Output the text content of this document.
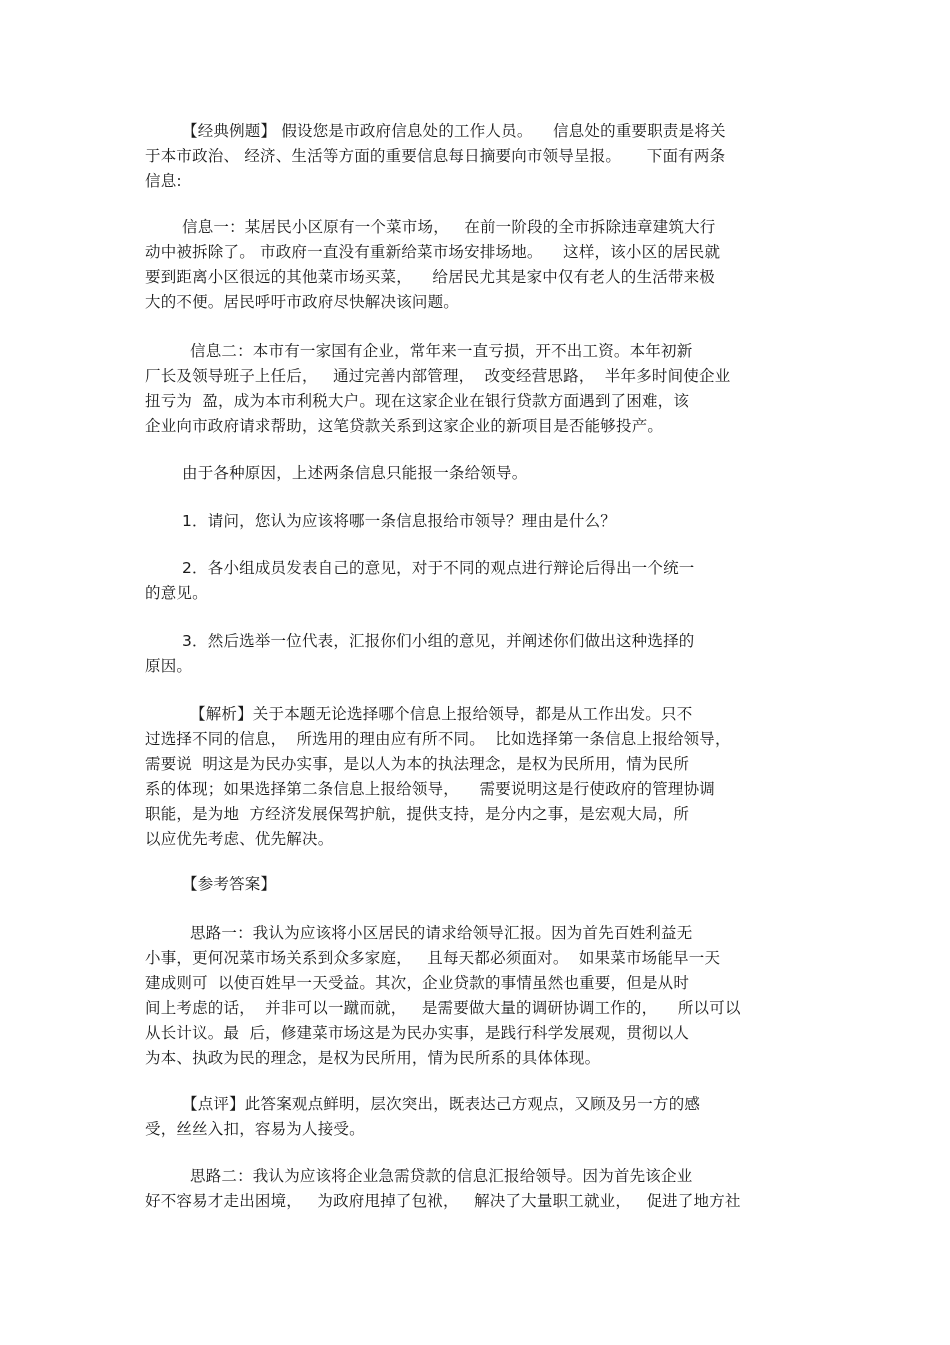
【经典例题】 假设您是市政府信息处的工作人员。    信息处的重要职责是将关
于本市政治、 经济、生活等方面的重要信息每日摘要向市领导呈报。     下面有两条
信息:
信息一：某居民小区原有一个菜市场，   在前一阶段的全市拆除违章建筑大行
动中被拆除了。 市政府一直没有重新给菜市场安排场地。    这样，该小区的居民就
要到距离小区很远的其他菜市场买菜，    给居民尤其是家中仅有老人的生活带来极
大的不便。居民呼吁市政府尽快解决该问题。
信息二：本市有一家国有企业，常年来一直亏损，开不出工资。本年初新
厂长及领导班子上任后，   通过完善内部管理，  改变经营思路，  半年多时间使企业
扭亏为  盈，成为本市利税大户。现在这家企业在银行贷款方面遇到了困难，该
企业向市政府请求帮助，这笔贷款关系到这家企业的新项目是否能够投产。
由于各种原因，上述两条信息只能报一条给领导。
1．请问，您认为应该将哪一条信息报给市领导？理由是什么？
2．各小组成员发表自己的意见，对于不同的观点进行辩论后得出一个统一
的意见。
3．然后选举一位代表，汇报你们小组的意见，并阐述你们做出这种选择的
原因。
【解析】关于本题无论选择哪个信息上报给领导，都是从工作出发。只不
过选择不同的信息，  所选用的理由应有所不同。  比如选择第一条信息上报给领导，
需要说  明这是为民办实事，是以人为本的执法理念，是权为民所用，情为民所
系的体现；如果选择第二条信息上报给领导，    需要说明这是行使政府的管理协调
职能，是为地  方经济发展保驾护航，提供支持，是分内之事，是宏观大局，所
以应优先考虑、优先解决。
【参考答案】
思路一：我认为应该将小区居民的请求给领导汇报。因为首先百姓利益无
小事，更何况菜市场关系到众多家庭，   且每天都必须面对。  如果菜市场能早一天
建成则可  以使百姓早一天受益。其次，企业贷款的事情虽然也重要，但是从时
间上考虑的话，  并非可以一蹴而就，   是需要做大量的调研协调工作的，    所以可以
从长计议。最  后，修建菜市场这是为民办实事，是践行科学发展观，贯彻以人
为本、执政为民的理念，是权为民所用，情为民所系的具体体现。
【点评】此答案观点鲜明，层次突出，既表达己方观点，又顾及另一方的感
受，丝丝入扣，容易为人接受。
思路二：我认为应该将企业急需贷款的信息汇报给领导。因为首先该企业
好不容易才走出困境，   为政府甩掉了包袱，   解决了大量职工就业，   促进了地方社
